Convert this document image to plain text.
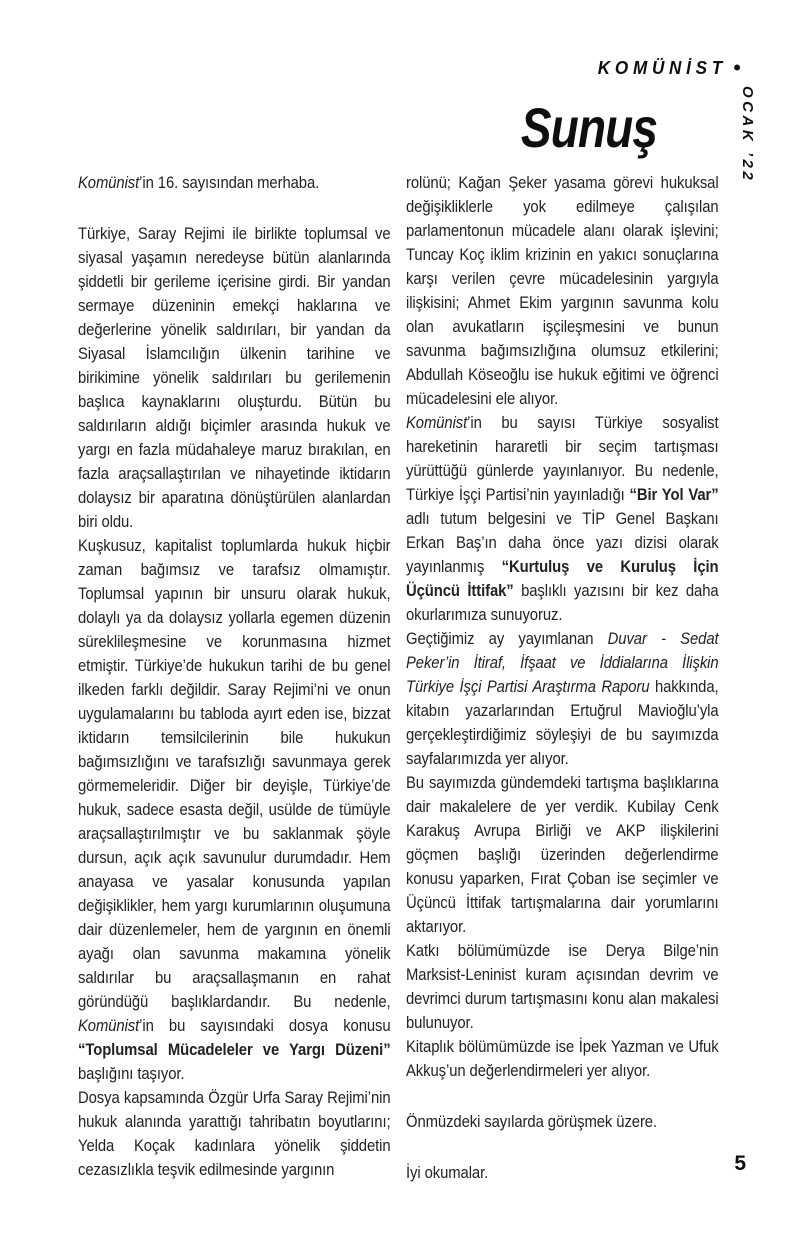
KOMÜNİST •
OCAK ’22
Sunuş

Komünist’in 16. sayısından merhaba.

Türkiye, Saray Rejimi ile birlikte toplumsal ve siyasal yaşamın neredeyse bütün alanlarında şiddetli bir gerileme içerisine girdi. Bir yandan sermaye düzeninin emekçi haklarına ve değerlerine yönelik saldırıları, bir yandan da Siyasal İslamcılığın ülkenin tarihine ve birikimine yönelik saldırıları bu gerilemenin başlıca kaynaklarını oluşturdu. Bütün bu saldırıların aldığı biçimler arasında hukuk ve yargı en fazla müdahaleye maruz bırakılan, en fazla araçsallaştırılan ve nihayetinde iktidarın dolaysız bir aparatına dönüştürülen alanlardan biri oldu.

Kuşkusuz, kapitalist toplumlarda hukuk hiçbir zaman bağımsız ve tarafsız olmamıştır. Toplumsal yapının bir unsuru olarak hukuk, dolaylı ya da dolaysız yollarla egemen düzenin süreklileşmesine ve korunmasına hizmet etmiştir. Türkiye’de hukukun tarihi de bu genel ilkeden farklı değildir. Saray Rejimi’ni ve onun uygulamalarını bu tabloda ayırt eden ise, bizzat iktidarın temsilcilerinin bile hukukun bağımsızlığını ve tarafsızlığı savunmaya gerek görmemeleridir. Diğer bir deyişle, Türkiye’de hukuk, sadece esasta değil, usülde de tümüyle araçsallaştırılmıştır ve bu saklanmak şöyle dursun, açık açık savunulur durumdadır. Hem anayasa ve yasalar konusunda yapılan değişiklikler, hem yargı kurumlarının oluşumuna dair düzenlemeler, hem de yargının en önemli ayağı olan savunma makamına yönelik saldırılar bu araçsallaşmanın en rahat göründüğü başlıklardandır. Bu nedenle, Komünist’in bu sayısındaki dosya konusu “Toplumsal Mücadeleler ve Yargı Düzeni” başlığını taşıyor.

Dosya kapsamında Özgür Urfa Saray Rejimi’nin hukuk alanında yarattığı tahribatın boyutlarını; Yelda Koçak kadınlara yönelik şiddetin cezasızlıkla teşvik edilmesinde yargının

rolünü; Kağan Şeker yasama görevi hukuksal değişikliklerle yok edilmeye çalışılan parlamentonun mücadele alanı olarak işlevini; Tuncay Koç iklim krizinin en yakıcı sonuçlarına karşı verilen çevre mücadelesinin yargıyla ilişkisini; Ahmet Ekim yargının savunma kolu olan avukatların işçileşmesini ve bunun savunma bağımsızlığına olumsuz etkilerini; Abdullah Köseoğlu ise hukuk eğitimi ve öğrenci mücadelesini ele alıyor.

Komünist’in bu sayısı Türkiye sosyalist hareketinin hararetli bir seçim tartışması yürüttüğü günlerde yayınlanıyor. Bu nedenle, Türkiye İşçi Partisi’nin yayınladığı “Bir Yol Var” adlı tutum belgesini ve TİP Genel Başkanı Erkan Baş’ın daha önce yazı dizisi olarak yayınlanmış “Kurtuluş ve Kuruluş İçin Üçüncü İttifak” başlıklı yazısını bir kez daha okurlarımıza sunuyoruz.

Geçtiğimiz ay yayımlanan Duvar - Sedat Peker’in İtiraf, İfşaat ve İddialarına İlişkin Türkiye İşçi Partisi Araştırma Raporu hakkında, kitabın yazarlarından Ertuğrul Mavioğlu’yla gerçekleştirdiğimiz söyleşiyi de bu sayımızda sayfalarımızda yer alıyor.

Bu sayımızda gündemdeki tartışma başlıklarına dair makalelere de yer verdik. Kubilay Cenk Karakuş Avrupa Birliği ve AKP ilişkilerini göçmen başlığı üzerinden değerlendirme konusu yaparken, Fırat Çoban ise seçimler ve Üçüncü İttifak tartışmalarına dair yorumlarını aktarıyor.

Katkı bölümümüzde ise Derya Bilge’nin Marksist-Leninist kuram açısından devrim ve devrimci durum tartışmasını konu alan makalesi bulunuyor.

Kitaplık bölümümüzde ise İpek Yazman ve Ufuk Akkuş’un değerlendirmeleri yer alıyor.

Önmüzdeki sayılarda görüşmek üzere.

İyi okumalar.	5
